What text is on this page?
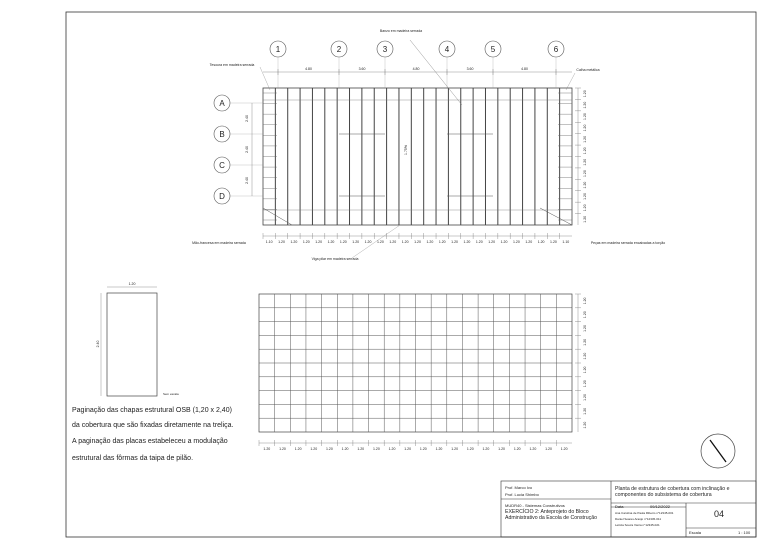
1.20
2.40
Sem escala
1	2	3	4	5	6
A
B
C
D
4.80	3.60	4.80	3.60	4.80
1.10 1.20 1.20 1.20 1.20 1.20 1.20 1.20 1.20 1.20 1.20 1.20 1.20 1.20 1.20 1.20 1.20 1.20 1.20 1.20 1.20 1.20 1.20 1.20 1.10
2.40
2.40
2.40
1.20
1.20
1.20
1.20
1.20
1.20
1.20
1.20
1.20
1.20
1.20
1.20
1.75%
Tesoura em madeira serrada
Banzo em madeira serrada
Calha metálica
Mão-francesa em madeira serrada
Viga pilar em madeira serrada
Peças em madeira serrada encaixadas a torção
1.20	1.20	1.20	1.20	1.20	1.20	1.20	1.20	1.20	1.20	1.20	1.20	1.20	1.20	1.20	1.20	1.20	1.20	1.20	1.20
1.20
1.20
1.20
1.20
1.20
1.20
1.20
1.20
1.20
1.20
Paginação das chapas estrutural OSB (1,20 x 2,40)
da cobertura que são fixadas diretamente na treliça.
A paginação das placas estabeleceu a modulação
estrutural das fôrmas da taipa de pilão.
Prof. Marco Ivo
Prof. Lucia Shimbo
MUDR40 - Sistemas Construtivos
EXERCÍCIO 2: Anteprojeto do Bloco Administrativo da Escola de Construção
Planta de estrutura de cobertura com inclinação e componentes do subsistema de cobertura
Data	09/12/2022
Ana Carolina de Paula Ribeiro n°12345-001
Daniel Soares Araújo n°12345-011
Letícia Souza Vieira n°12345-021
04
Escala	1 : 100
